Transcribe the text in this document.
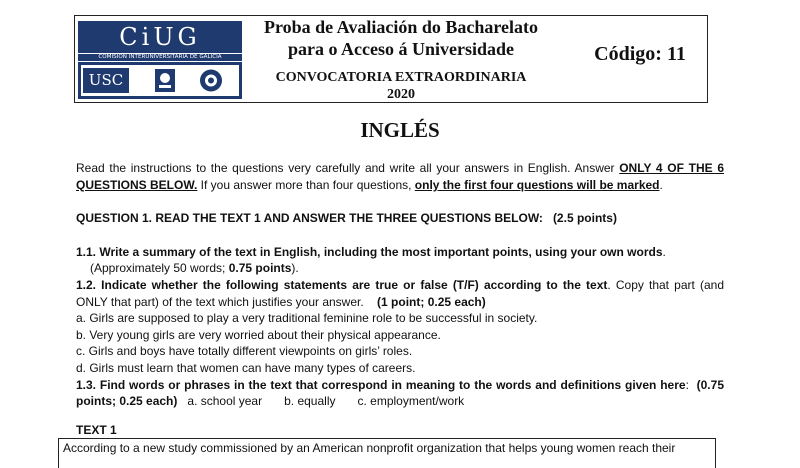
CiUG
COMISIÓN INTERUNIVERSITARIA DE GALICIA
USC
Proba de Avaliación do Bacharelato para o Acceso á Universidade
CONVOCATORIA EXTRAORDINARIA
2020
Código: 11

INGLÉS

Read the instructions to the questions very carefully and write all your answers in English. Answer ONLY 4 OF THE 6 QUESTIONS BELOW. If you answer more than four questions, only the first four questions will be marked.

QUESTION 1. READ THE TEXT 1 AND ANSWER THE THREE QUESTIONS BELOW: (2.5 points)

1.1. Write a summary of the text in English, including the most important points, using your own words.

(Approximately 50 words; 0.75 points).

1.2. Indicate whether the following statements are true or false (T/F) according to the text. Copy that part (and ONLY that part) of the text which justifies your answer. (1 point; 0.25 each)

a. Girls are supposed to play a very traditional feminine role to be successful in society.

b. Very young girls are very worried about their physical appearance.

c. Girls and boys have totally different viewpoints on girls’ roles.

d. Girls must learn that women can have many types of careers.

1.3. Find words or phrases in the text that correspond in meaning to the words and definitions given here: (0.75 points; 0.25 each) a. school year b. equally c. employment/work

TEXT 1
According to a new study commissioned by an American nonprofit organization that helps young women reach their
